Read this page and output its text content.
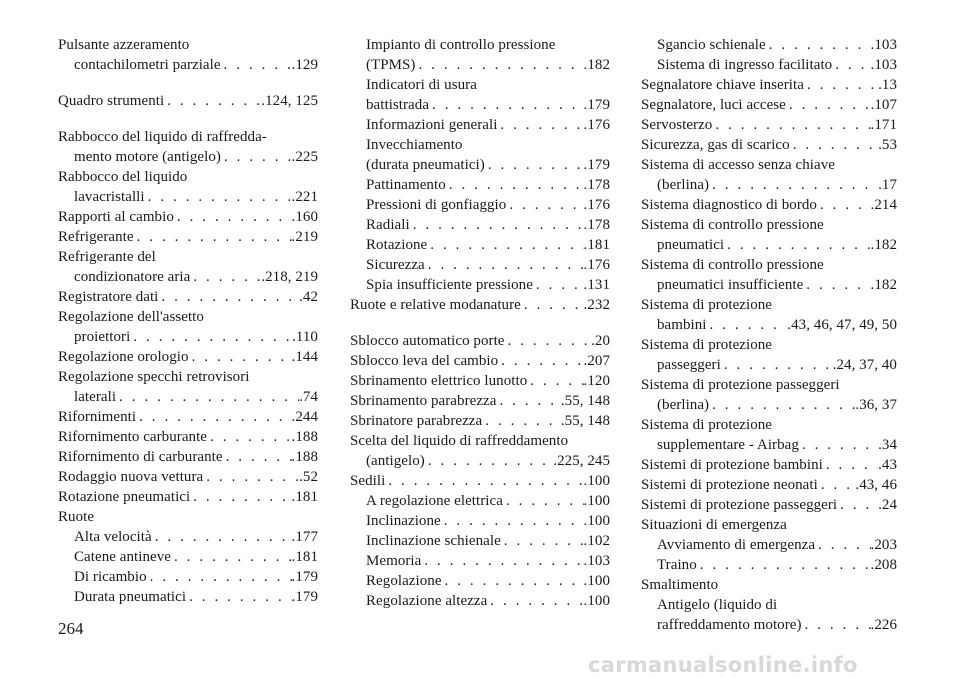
Pulsante azzeramento
contachilometri parziale . . .	.129
Quadro strumenti . . .	.124, 125
Rabbocco del liquido di raffredda-
mento motore (antigelo) . . .	.225
Rabbocco del liquido
lavacristalli . . .	.221
Rapporti al cambio . . .	.160
Refrigerante . . .	.219
Refrigerante del
condizionatore aria . . .	.218, 219
Registratore dati . . .	.42
Regolazione dell'assetto
proiettori . . .	.110
Regolazione orologio . . .	.144
Regolazione specchi retrovisori
laterali . . .	.74
Rifornimenti . . .	.244
Rifornimento carburante . . .	.188
Rifornimento di carburante . . .	.188
Rodaggio nuova vettura . . .	.52
Rotazione pneumatici . . .	.181
Ruote
Alta velocità . . .	.177
Catene antineve . . .	.181
Di ricambio . . .	.179
Durata pneumatici . . .	.179
Impianto di controllo pressione
(TPMS) . . .	.182
Indicatori di usura
battistrada . . .	.179
Informazioni generali . . .	.176
Invecchiamento
(durata pneumatici) . . .	.179
Pattinamento . . .	.178
Pressioni di gonfiaggio . . .	.176
Radiali . . .	.178
Rotazione . . .	.181
Sicurezza . . .	.176
Spia insufficiente pressione . . .	.131
Ruote e relative modanature . . .	.232
Sblocco automatico porte . . .	.20
Sblocco leva del cambio . . .	.207
Sbrinamento elettrico lunotto . . .	.120
Sbrinamento parabrezza . . .	.55, 148
Sbrinatore parabrezza . . .	.55, 148
Scelta del liquido di raffreddamento
(antigelo) . . .	.225, 245
Sedili . . .	.100
A regolazione elettrica . . .	.100
Inclinazione . . .	.100
Inclinazione schienale . . .	.102
Memoria . . .	.103
Regolazione . . .	.100
Regolazione altezza . . .	.100
Sgancio schienale . . .	.103
Sistema di ingresso facilitato . . .	.103
Segnalatore chiave inserita . . .	.13
Segnalatore, luci accese . . .	.107
Servosterzo . . .	.171
Sicurezza, gas di scarico . . .	.53
Sistema di accesso senza chiave
(berlina) . . .	.17
Sistema diagnostico di bordo . . .	.214
Sistema di controllo pressione
pneumatici . . .	.182
Sistema di controllo pressione
pneumatici insufficiente . . .	.182
Sistema di protezione
bambini . . .	.43, 46, 47, 49, 50
Sistema di protezione
passeggeri . . .	.24, 37, 40
Sistema di protezione passeggeri
(berlina) . . .	.36, 37
Sistema di protezione
supplementare - Airbag . . .	.34
Sistemi di protezione bambini . . .	.43
Sistemi di protezione neonati . . .	.43, 46
Sistemi di protezione passeggeri . . .	.24
Situazioni di emergenza
Avviamento di emergenza . . .	.203
Traino . . .	.208
Smaltimento
Antigelo (liquido di
raffreddamento motore) . . .	.226
264
carmanualsonline.info
